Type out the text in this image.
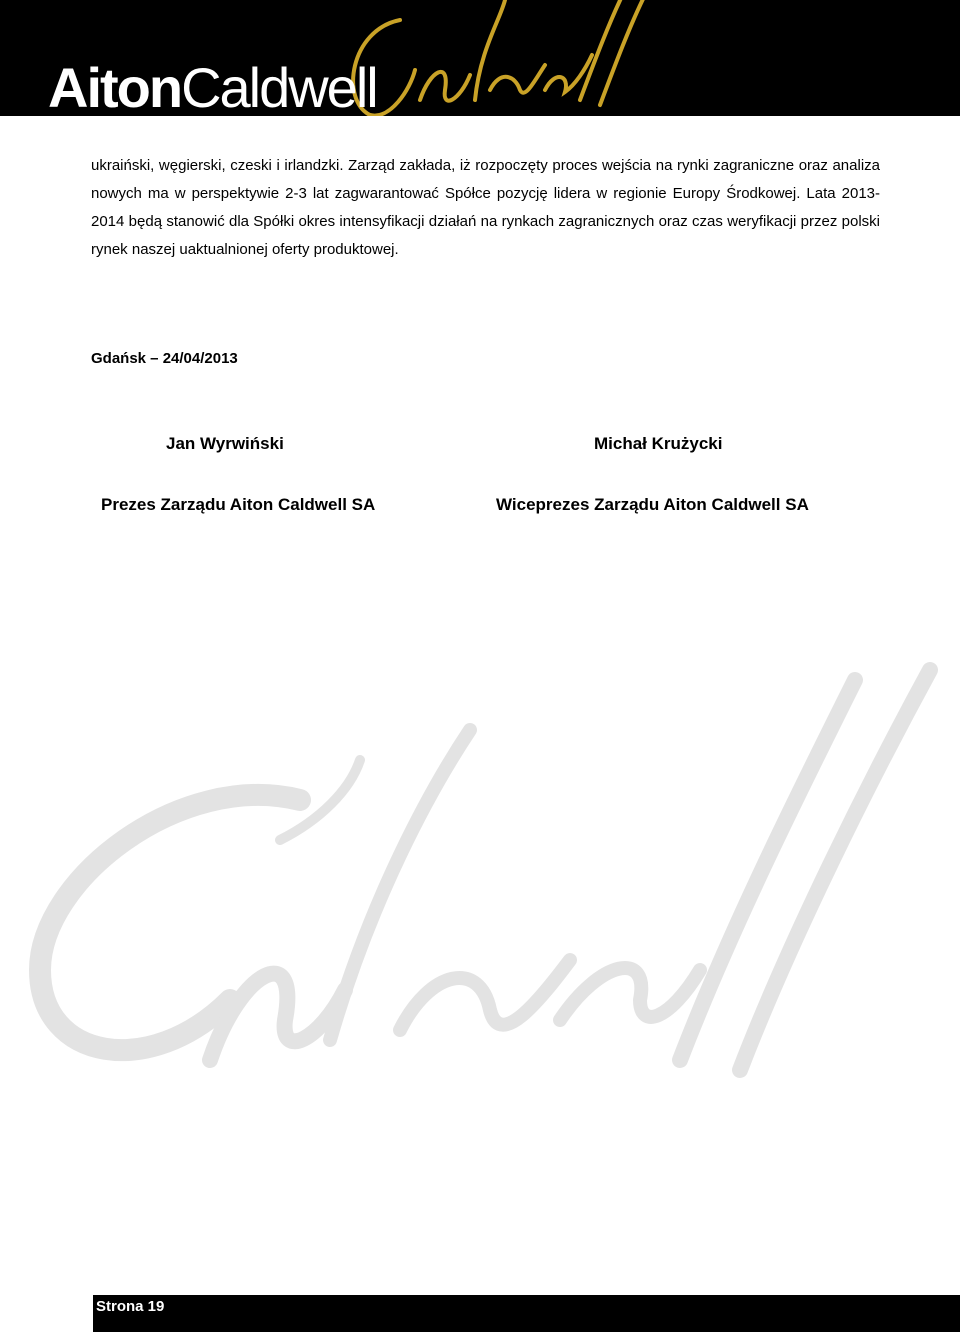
AitonCaldwell

ukraiński, węgierski, czeski i irlandzki. Zarząd zakłada, iż rozpoczęty proces wejścia na rynki zagraniczne oraz analiza nowych ma w perspektywie 2-3 lat zagwarantować Spółce pozycję lidera w regionie Europy Środkowej. Lata 2013-2014 będą stanowić dla Spółki okres intensyfikacji działań na rynkach zagranicznych oraz czas weryfikacji przez polski rynek naszej uaktualnionej oferty produktowej.

Gdańsk – 24/04/2013
Jan Wyrwiński	Michał Krużycki
Prezes Zarządu Aiton Caldwell SA	Wiceprezes Zarządu Aiton Caldwell SA
Strona 19
